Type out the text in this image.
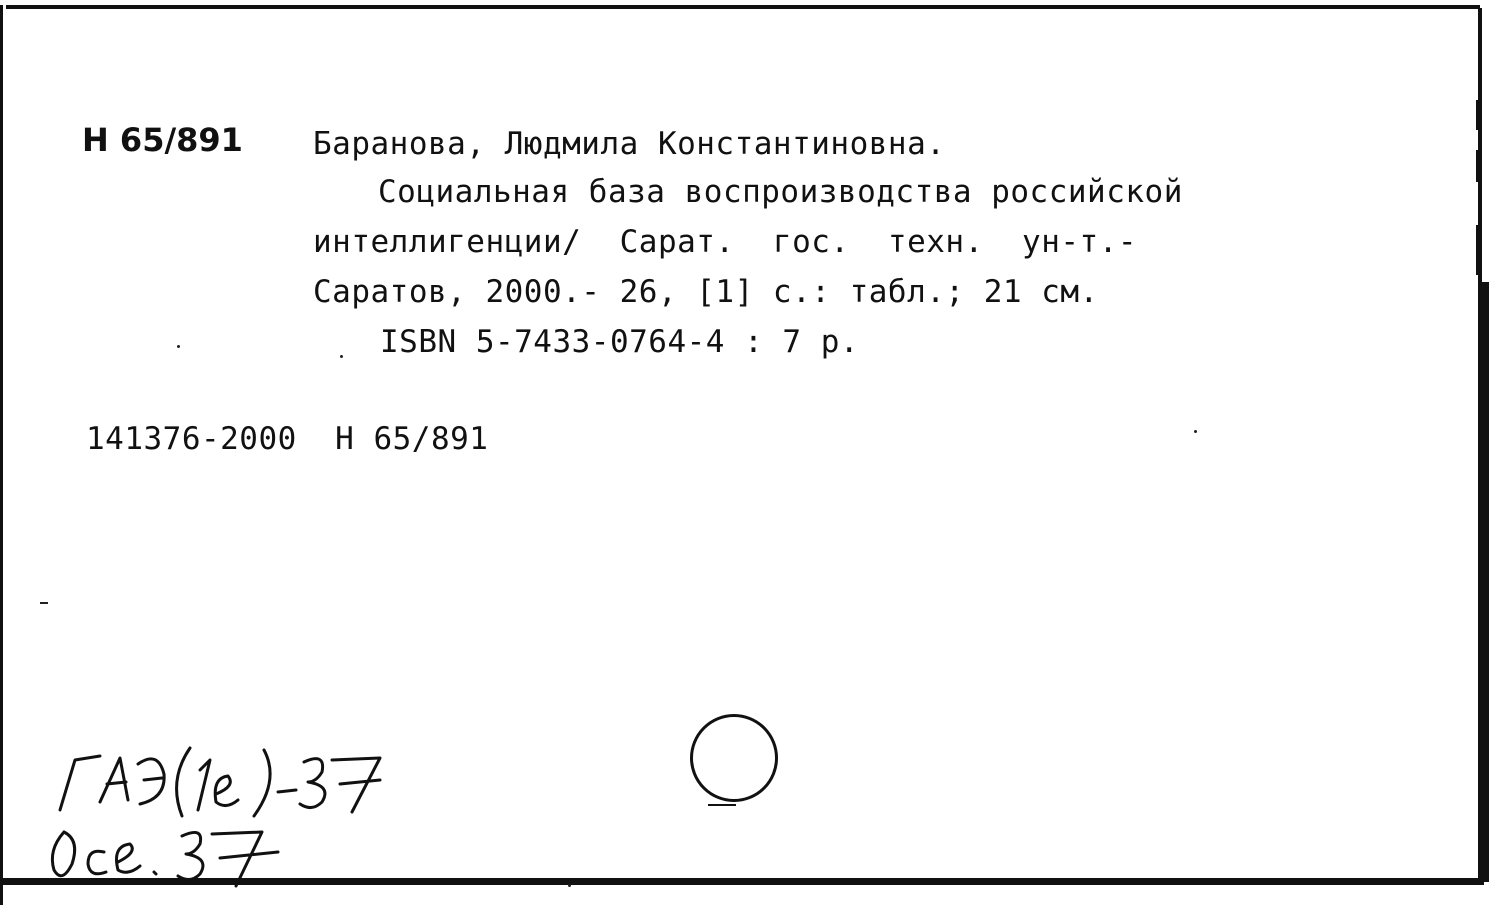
Н 65/891 Баранова, Людмила Константиновна.
Социальная база воспроизводства российской
интеллигенции/  Сарат.  гос.  техн.  ун-т.-
Саратов, 2000.- 26, [1] с.: табл.; 21 см.
ISBN 5-7433-0764-4 : 7 р.
141376-2000  Н 65/891
